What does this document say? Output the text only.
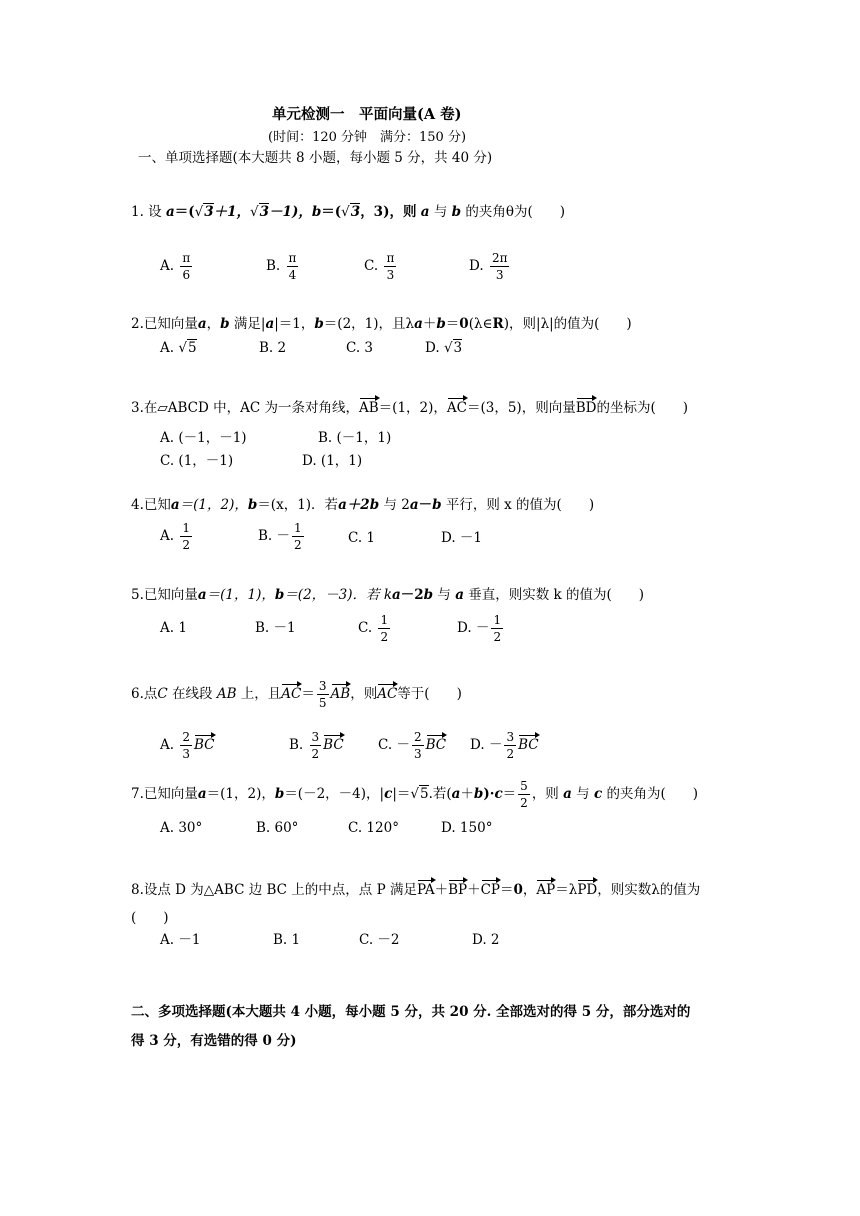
单元检测一　平面向量(A 卷)
(时间：120 分钟　满分：150 分)
一、单项选择题(本大题共 8 小题，每小题 5 分，共 40 分)
1. 设 a＝(√3＋1，√3－1)，b＝(√3，3)，则 a 与 b 的夹角θ为(　　)
A. $\frac{\pi}{6}$	B. $\frac{\pi}{4}$	C. $\frac{\pi}{3}$	D. $\frac{2\pi}{3}$
2.已知向量a，b 满足|a|＝1，b＝(2，1)，且λa＋b＝0(λ∈R)，则|λ|的值为(　　)
A. √5	B. 2	C. 3	D. √3
3.在▱ABCD 中，AC 为一条对角线，AB＝(1，2)，AC＝(3，5)，则向量BD的坐标为(　　)
A. (－1，－1)	B. (－1，1)
C. (1，－1)	D. (1，1)
4.已知a＝(1，2)，b＝(x，1)．若a＋2b 与 2a－b 平行，则 x 的值为(　　)
A. $\frac{1}{2}$	B. － $\frac{1}{2}$	C. 1	D. －1
5.已知向量a＝(1，1)，b＝(2，－3)．若 ka－2b 与 a 垂直，则实数 k 的值为(　　)
A. 1	B. －1	C. $\frac{1}{2}$	D. － $\frac{1}{2}$
6.点C 在线段 AB 上，且$AC= \frac{3}{5}$ AB，则AC等于(　　)
A. $\frac{2}{3}$ BC	B. $\frac{3}{2}$ BC	C. － $\frac{2}{3}$ BC D. － $\frac{3}{2}$ BC
7.已知向量a＝(1，2)，b＝(－2，－4)，|c|＝√5.若$(a+b)\cdot c= \frac{5}{2}$ ，则 a 与 c 的夹角为(　　)
A. 30°	B. 60°	C. 120°	D. 150°
8.设点 D 为△ABC 边 BC 上的中点，点 P 满足PA＋BP＋CP＝0，AP＝λPD，则实数λ的值为
(　　)
A. －1	B. 1	C. －2	D. 2
二、多项选择题(本大题共 4 小题，每小题 5 分，共 20 分. 全部选对的得 5 分，部分选对的
得 3 分，有选错的得 0 分)
